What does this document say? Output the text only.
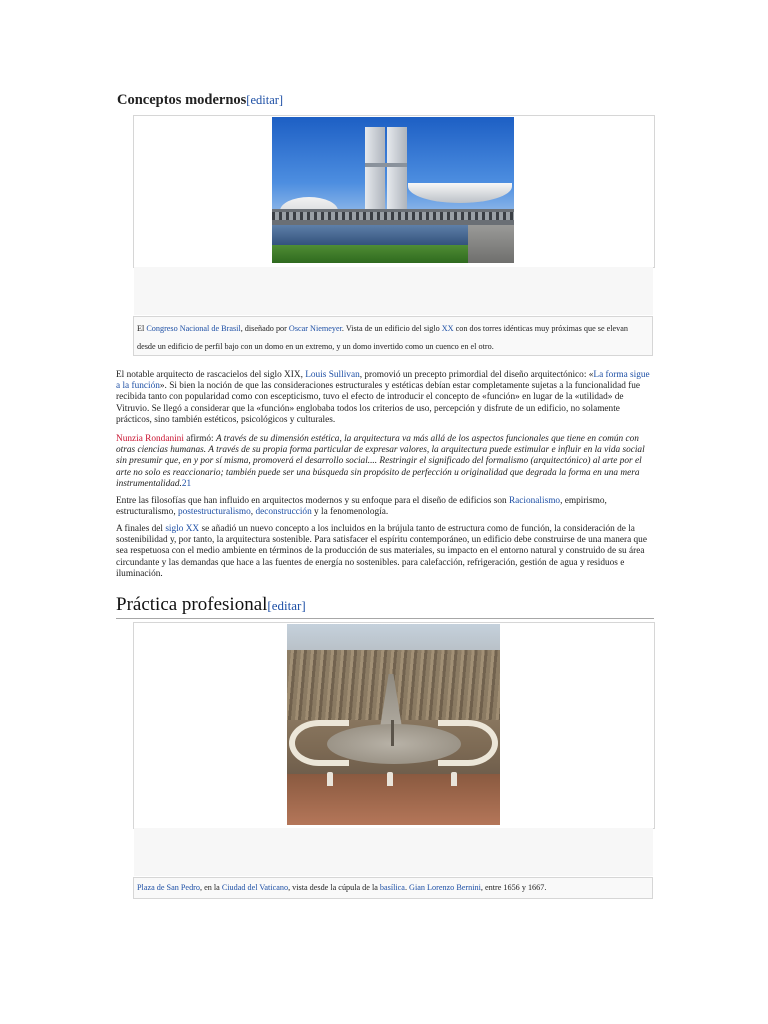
Conceptos modernos[editar]
El Congreso Nacional de Brasil, diseñado por Oscar Niemeyer. Vista de un edificio del siglo XX con dos torres idénticas muy próximas que se elevan desde un edificio de perfil bajo con un domo en un extremo, y un domo invertido como un cuenco en el otro.
El notable arquitecto de rascacielos del siglo XIX, Louis Sullivan, promovió un precepto primordial del diseño arquitectónico: «La forma sigue a la función». Si bien la noción de que las consideraciones estructurales y estéticas debían estar completamente sujetas a la funcionalidad fue recibida tanto con popularidad como con escepticismo, tuvo el efecto de introducir el concepto de «función» en lugar de la «utilidad» de Vitruvio. Se llegó a considerar que la «función» englobaba todos los criterios de uso, percepción y disfrute de un edificio, no solamente prácticos, sino también estéticos, psicológicos y culturales.
Nunzia Rondanini afirmó: A través de su dimensión estética, la arquitectura va más allá de los aspectos funcionales que tiene en común con otras ciencias humanas. A través de su propia forma particular de expresar valores, la arquitectura puede estimular e influir en la vida social sin presumir que, en y por sí misma, promoverá el desarrollo social.... Restringir el significado del formalismo (arquitectónico) al arte por el arte no solo es reaccionario; también puede ser una búsqueda sin propósito de perfección u originalidad que degrada la forma en una mera instrumentalidad.21
Entre las filosofías que han influido en arquitectos modernos y su enfoque para el diseño de edificios son Racionalismo, empirismo, estructuralismo, postestructuralismo, deconstrucción y la fenomenología.
A finales del siglo XX se añadió un nuevo concepto a los incluidos en la brújula tanto de estructura como de función, la consideración de la sostenibilidad y, por tanto, la arquitectura sostenible. Para satisfacer el espíritu contemporáneo, un edificio debe construirse de una manera que sea respetuosa con el medio ambiente en términos de la producción de sus materiales, su impacto en el entorno natural y construido de su área circundante y las demandas que hace a las fuentes de energía no sostenibles. para calefacción, refrigeración, gestión de agua y residuos e iluminación.
Práctica profesional[editar]
Plaza de San Pedro, en la Ciudad del Vaticano, vista desde la cúpula de la basílica. Gian Lorenzo Bernini, entre 1656 y 1667.
